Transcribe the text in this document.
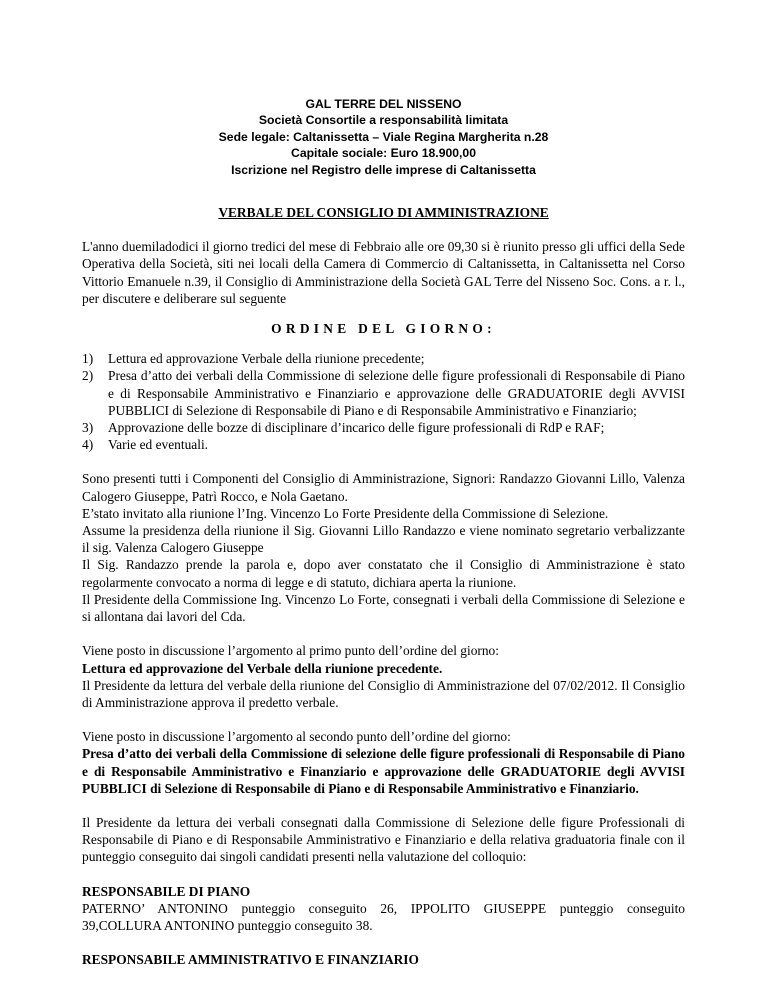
GAL TERRE DEL NISSENO
Società Consortile a responsabilità limitata
Sede legale: Caltanissetta – Viale Regina Margherita n.28
Capitale sociale: Euro 18.900,00
Iscrizione nel Registro delle imprese di Caltanissetta
VERBALE DEL CONSIGLIO DI AMMINISTRAZIONE

L'anno duemiladodici il giorno tredici del mese di Febbraio alle ore 09,30 si è riunito presso gli uffici della Sede Operativa della Società, siti nei locali della Camera di Commercio di Caltanissetta, in Caltanissetta nel Corso Vittorio Emanuele n.39, il Consiglio di Amministrazione della Società GAL Terre del Nisseno Soc. Cons. a r. l., per discutere e deliberare sul seguente

ORDINE DEL GIORNO:
1) Lettura ed approvazione Verbale della riunione precedente;
2) Presa d’atto dei verbali della Commissione di selezione delle figure professionali di Responsabile di Piano e di Responsabile Amministrativo e Finanziario e approvazione delle GRADUATORIE degli AVVISI PUBBLICI di Selezione di Responsabile di Piano e di Responsabile Amministrativo e Finanziario;
3) Approvazione delle bozze di disciplinare d’incarico delle figure professionali di RdP e RAF;
4) Varie ed eventuali.

Sono presenti tutti i Componenti del Consiglio di Amministrazione, Signori: Randazzo Giovanni Lillo, Valenza Calogero Giuseppe, Patrì Rocco, e Nola Gaetano.

E’stato invitato alla riunione l’Ing. Vincenzo Lo Forte Presidente della Commissione di Selezione.

Assume la presidenza della riunione il Sig. Giovanni Lillo Randazzo e viene nominato segretario verbalizzante il sig. Valenza Calogero Giuseppe

Il Sig. Randazzo prende la parola e, dopo aver constatato che il Consiglio di Amministrazione è stato regolarmente convocato a norma di legge e di statuto, dichiara aperta la riunione.

Il Presidente della Commissione Ing. Vincenzo Lo Forte, consegnati i verbali della Commissione di Selezione e si allontana dai lavori del Cda.

Viene posto in discussione l’argomento al primo punto dell’ordine del giorno:

Lettura ed approvazione del Verbale della riunione precedente.

Il Presidente da lettura del verbale della riunione del Consiglio di Amministrazione del 07/02/2012. Il Consiglio di Amministrazione approva il predetto verbale.

Viene posto in discussione l’argomento al secondo punto dell’ordine del giorno:

Presa d’atto dei verbali della Commissione di selezione delle figure professionali di Responsabile di Piano e di Responsabile Amministrativo e Finanziario e approvazione delle GRADUATORIE degli AVVISI PUBBLICI di Selezione di Responsabile di Piano e di Responsabile Amministrativo e Finanziario.

Il Presidente da lettura dei verbali consegnati dalla Commissione di Selezione delle figure Professionali di Responsabile di Piano e di Responsabile Amministrativo e Finanziario e della relativa graduatoria finale con il punteggio conseguito dai singoli candidati presenti nella valutazione del colloquio:

RESPONSABILE DI PIANO

PATERNO’ ANTONINO punteggio conseguito 26, IPPOLITO GIUSEPPE punteggio conseguito 39,COLLURA ANTONINO punteggio conseguito 38.

RESPONSABILE AMMINISTRATIVO E FINANZIARIO
